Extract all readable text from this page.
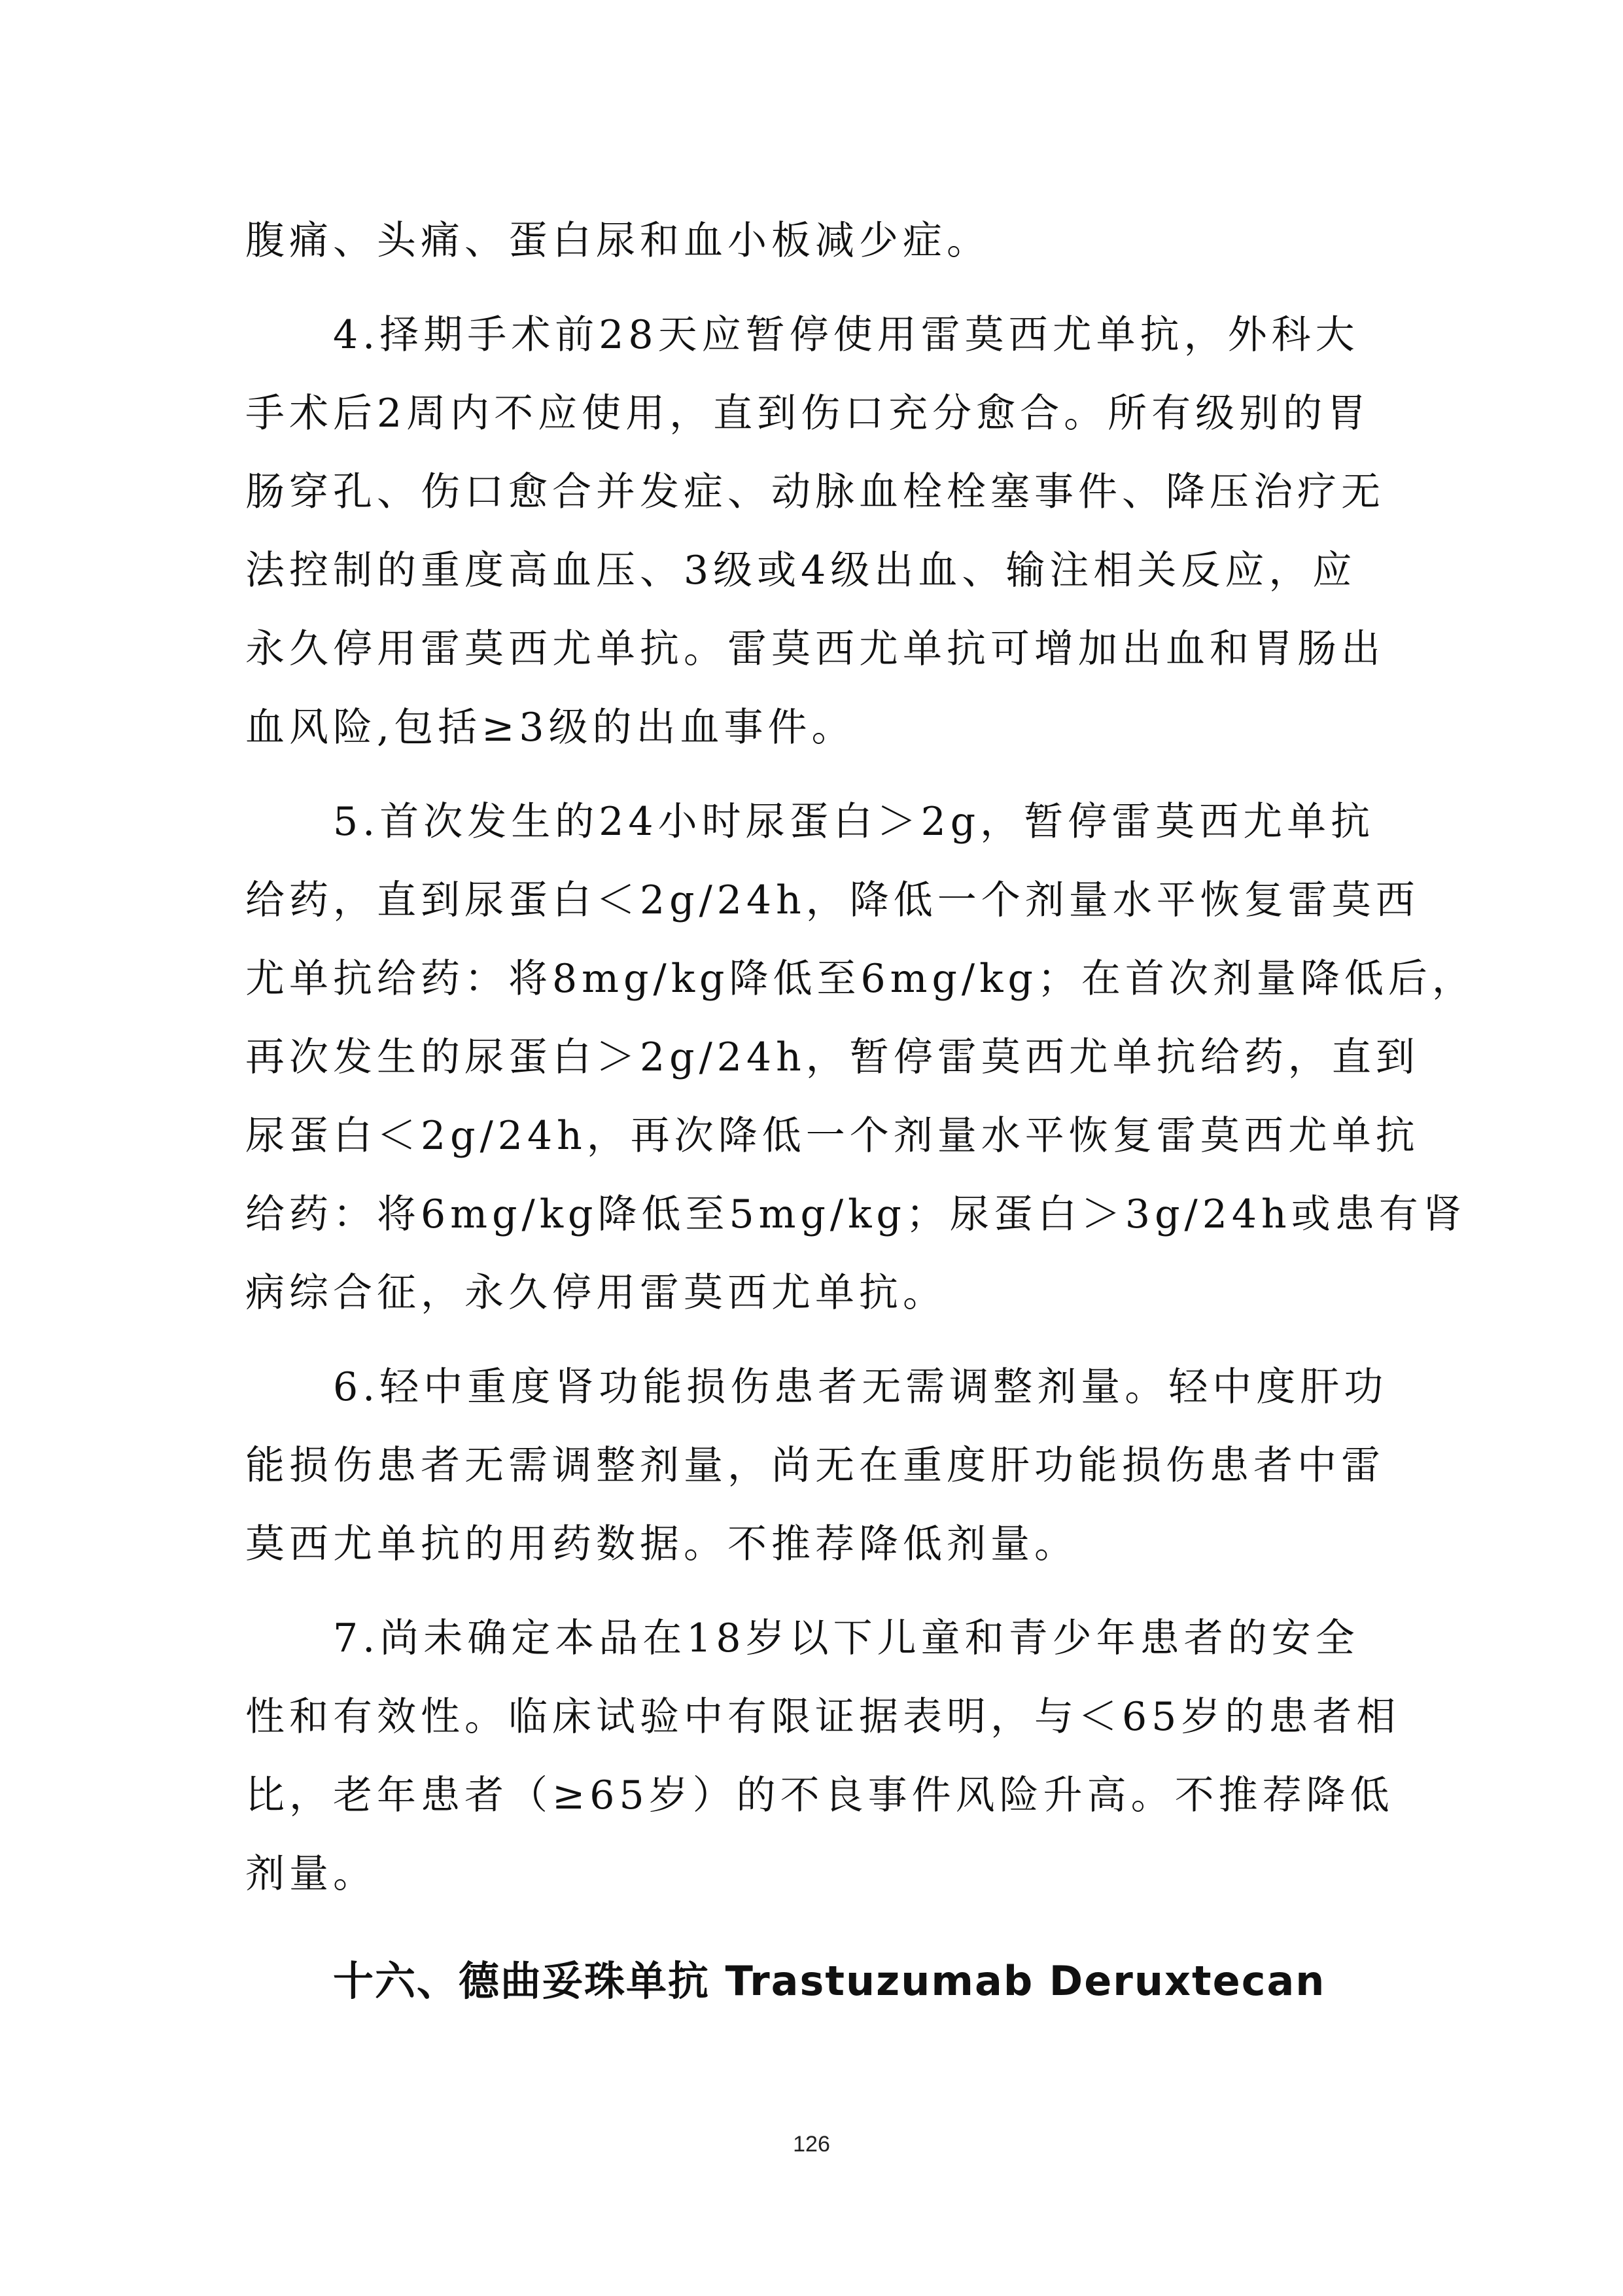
腹痛、头痛、蛋白尿和血小板减少症。
4.择期手术前28天应暂停使用雷莫西尤单抗，外科大
手术后2周内不应使用，直到伤口充分愈合。所有级别的胃
肠穿孔、伤口愈合并发症、动脉血栓栓塞事件、降压治疗无
法控制的重度高血压、3级或4级出血、输注相关反应，应
永久停用雷莫西尤单抗。雷莫西尤单抗可增加出血和胃肠出
血风险,包括≥3级的出血事件。
5.首次发生的24小时尿蛋白＞2g，暂停雷莫西尤单抗
给药，直到尿蛋白＜2g/24h，降低一个剂量水平恢复雷莫西
尤单抗给药：将8mg/kg降低至6mg/kg；在首次剂量降低后，
再次发生的尿蛋白＞2g/24h，暂停雷莫西尤单抗给药，直到
尿蛋白＜2g/24h，再次降低一个剂量水平恢复雷莫西尤单抗
给药：将6mg/kg降低至5mg/kg；尿蛋白＞3g/24h或患有肾
病综合征，永久停用雷莫西尤单抗。
6.轻中重度肾功能损伤患者无需调整剂量。轻中度肝功
能损伤患者无需调整剂量，尚无在重度肝功能损伤患者中雷
莫西尤单抗的用药数据。不推荐降低剂量。
7.尚未确定本品在18岁以下儿童和青少年患者的安全
性和有效性。临床试验中有限证据表明，与＜65岁的患者相
比，老年患者（≥65岁）的不良事件风险升高。不推荐降低
剂量。
十六、德曲妥珠单抗 Trastuzumab Deruxtecan
126
